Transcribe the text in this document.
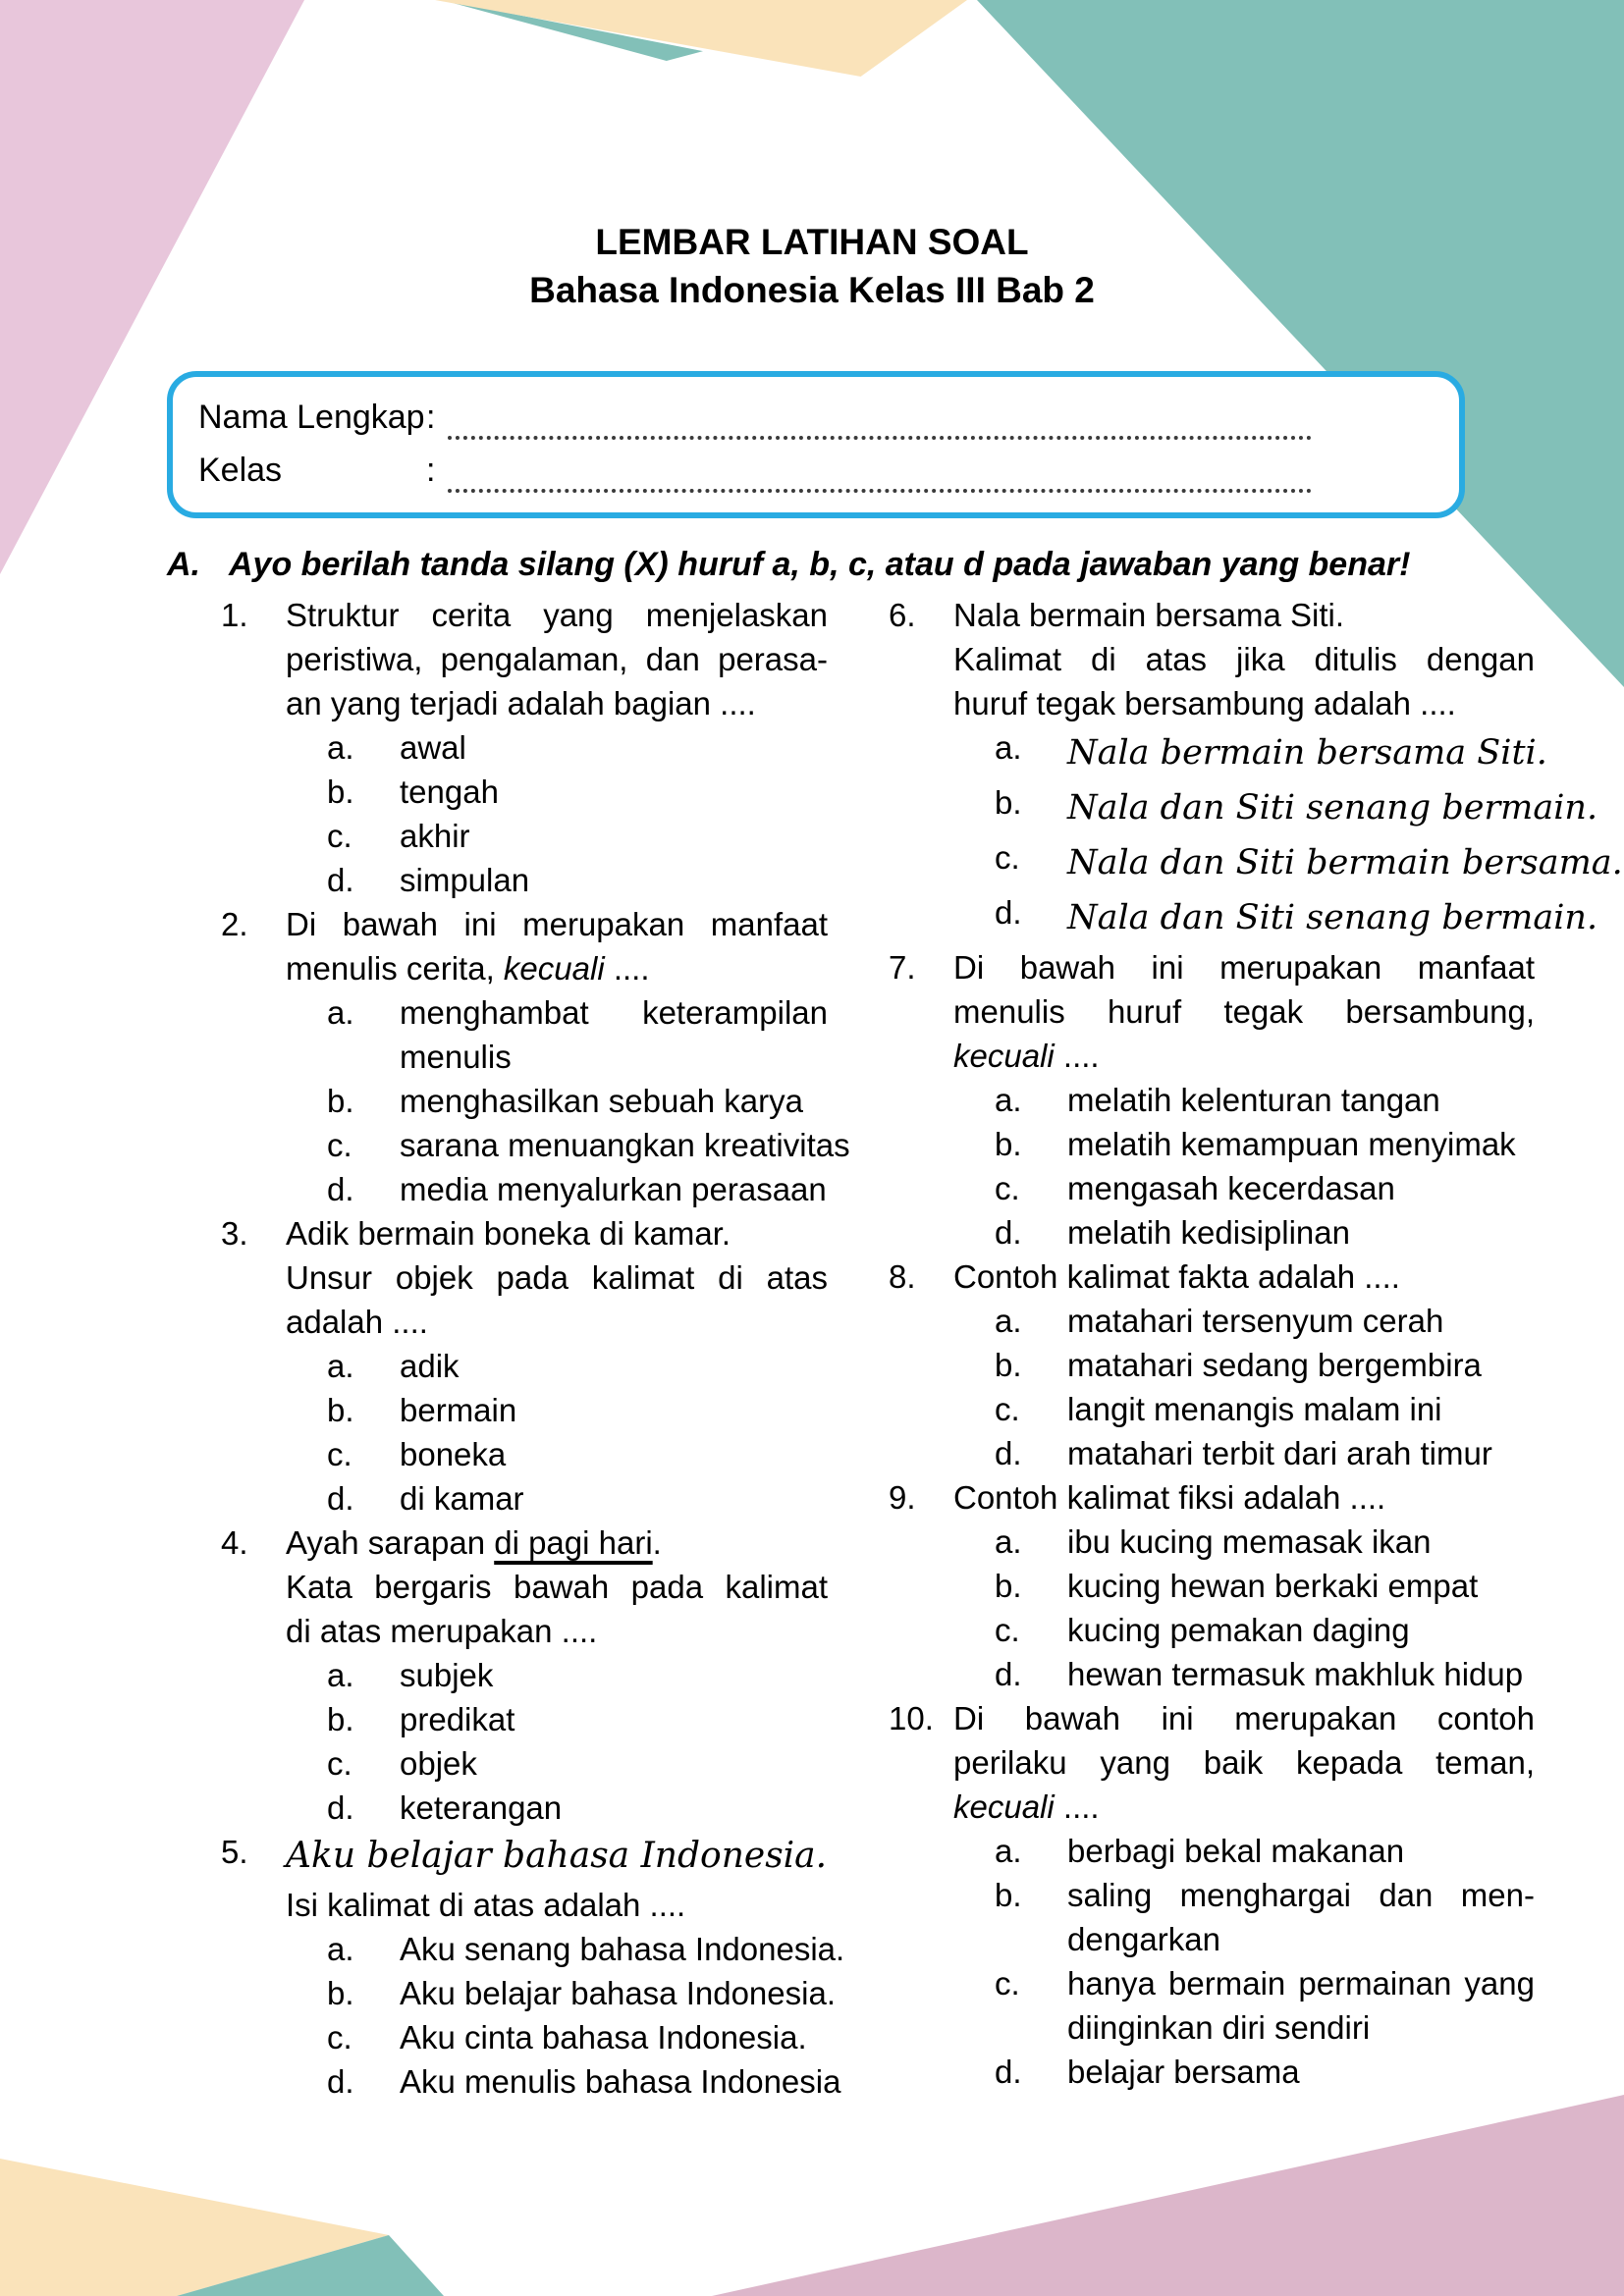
LEMBAR LATIHAN SOAL
Bahasa Indonesia Kelas III Bab 2
Nama Lengkap :
Kelas	:
A. Ayo berilah tanda silang (X) huruf a, b, c, atau d pada jawaban yang benar!
1.	Struktur cerita yang menjelaskan
peristiwa, pengalaman, dan perasa-
an yang terjadi adalah bagian ....
a.	awal
b.	tengah
c.	akhir
d.	simpulan
2.	Di bawah ini merupakan manfaat
menulis cerita, kecuali ....
a.	menghambat keterampilan
menulis
b.	menghasilkan sebuah karya
c.	sarana menuangkan kreativitas
d.	media menyalurkan perasaan
3.	Adik bermain boneka di kamar.
Unsur objek pada kalimat di atas
adalah ....
a.	adik
b.	bermain
c.	boneka
d.	di kamar
4.	Ayah sarapan di pagi hari.
Kata bergaris bawah pada kalimat
di atas merupakan ....
a.	subjek
b.	predikat
c.	objek
d.	keterangan
5.	Aku belajar bahasa Indonesia.
Isi kalimat di atas adalah ....
a.	Aku senang bahasa Indonesia.
b.	Aku belajar bahasa Indonesia.
c.	Aku cinta bahasa Indonesia.
d.	Aku menulis bahasa Indonesia
6.	Nala bermain bersama Siti.
Kalimat di atas jika ditulis dengan
huruf tegak bersambung adalah ....
a.	Nala bermain bersama Siti.
b.	Nala dan Siti senang bermain.
c.	Nala dan Siti bermain bersama.
d.	Nala dan Siti senang bermain.
7.	Di bawah ini merupakan manfaat
menulis huruf tegak bersambung,
kecuali ....
a.	melatih kelenturan tangan
b.	melatih kemampuan menyimak
c.	mengasah kecerdasan
d.	melatih kedisiplinan
8.	Contoh kalimat fakta adalah ....
a.	matahari tersenyum cerah
b.	matahari sedang bergembira
c.	langit menangis malam ini
d.	matahari terbit dari arah timur
9.	Contoh kalimat fiksi adalah ....
a.	ibu kucing memasak ikan
b.	kucing hewan berkaki empat
c.	kucing pemakan daging
d.	hewan termasuk makhluk hidup
10. Di bawah ini merupakan contoh
perilaku yang baik kepada teman,
kecuali ....
a.	berbagi bekal makanan
b.	saling menghargai dan men-
dengarkan
c.	hanya bermain permainan yang
diinginkan diri sendiri
d.	belajar bersama
